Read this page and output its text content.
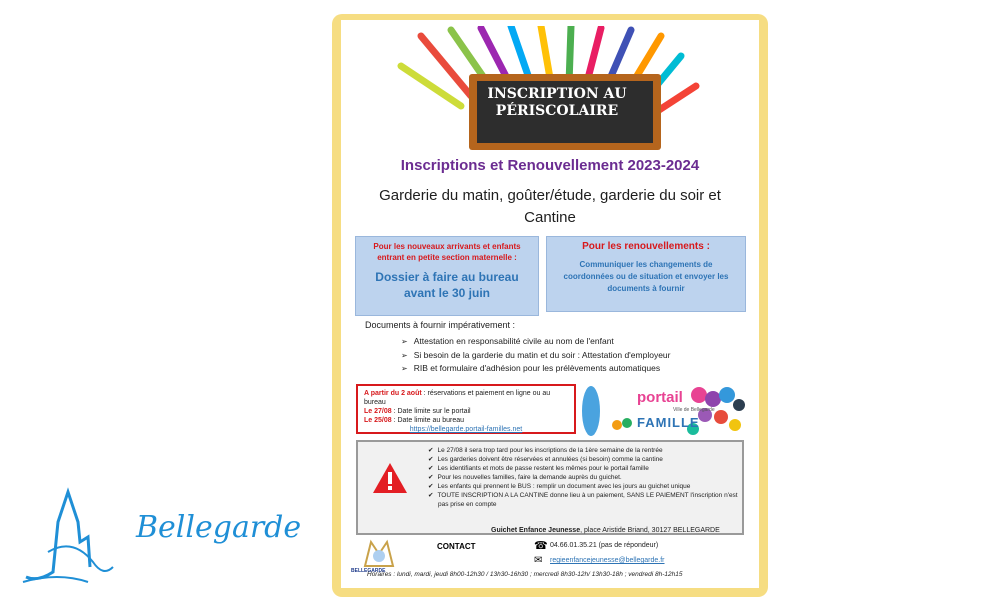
Bellegarde
INSCRIPTION AU
PÉRISCOLAIRE
Inscriptions et Renouvellement 2023-2024
Garderie du matin, goûter/étude, garderie du soir et Cantine
Pour les nouveaux arrivants et enfants entrant en petite section maternelle :
Dossier à faire au bureau avant le 30 juin
Pour les renouvellements :
Communiquer les changements de coordonnées ou de situation et envoyer les documents à fournir
Documents à fournir impérativement :
➢ Attestation en responsabilité civile au nom de l'enfant
➢ Si besoin de la garderie du matin et du soir : Attestation d'employeur
➢ RIB et formulaire d'adhésion pour les prélèvements automatiques
A partir du 2 août : réservations et paiement en ligne ou au bureau
Le 27/08 : Date limite sur le portail
Le 25/08 : Date limite au bureau
https://bellegarde.portail-familles.net
portail
FAMILLE
Ville de Bellegarde
✔ Le 27/08 il sera trop tard pour les inscriptions de la 1ère semaine de la rentrée
✔ Les garderies doivent être réservées et annulées (si besoin) comme la cantine
✔ Les identifiants et mots de passe restent les mêmes pour le portail famille
✔ Pour les nouvelles familles, faire la demande auprès du guichet.
✔ Les enfants qui prennent le BUS : remplir un document avec les jours au guichet unique
✔ TOUTE INSCRIPTION A LA CANTINE donne lieu à un paiement, SANS LE PAIEMENT l'inscription n'est pas prise en compte
Guichet Enfance Jeunesse, place Aristide Briand, 30127 BELLEGARDE
BELLEGARDE
CONTACT	☎ 04.66.01.35.21 (pas de répondeur)
✉ regieenfancejeunesse@bellegarde.fr
Horaires : lundi, mardi, jeudi 8h00-12h30 / 13h30-16h30 ; mercredi 8h30-12h/ 13h30-18h ; vendredi 8h-12h15
